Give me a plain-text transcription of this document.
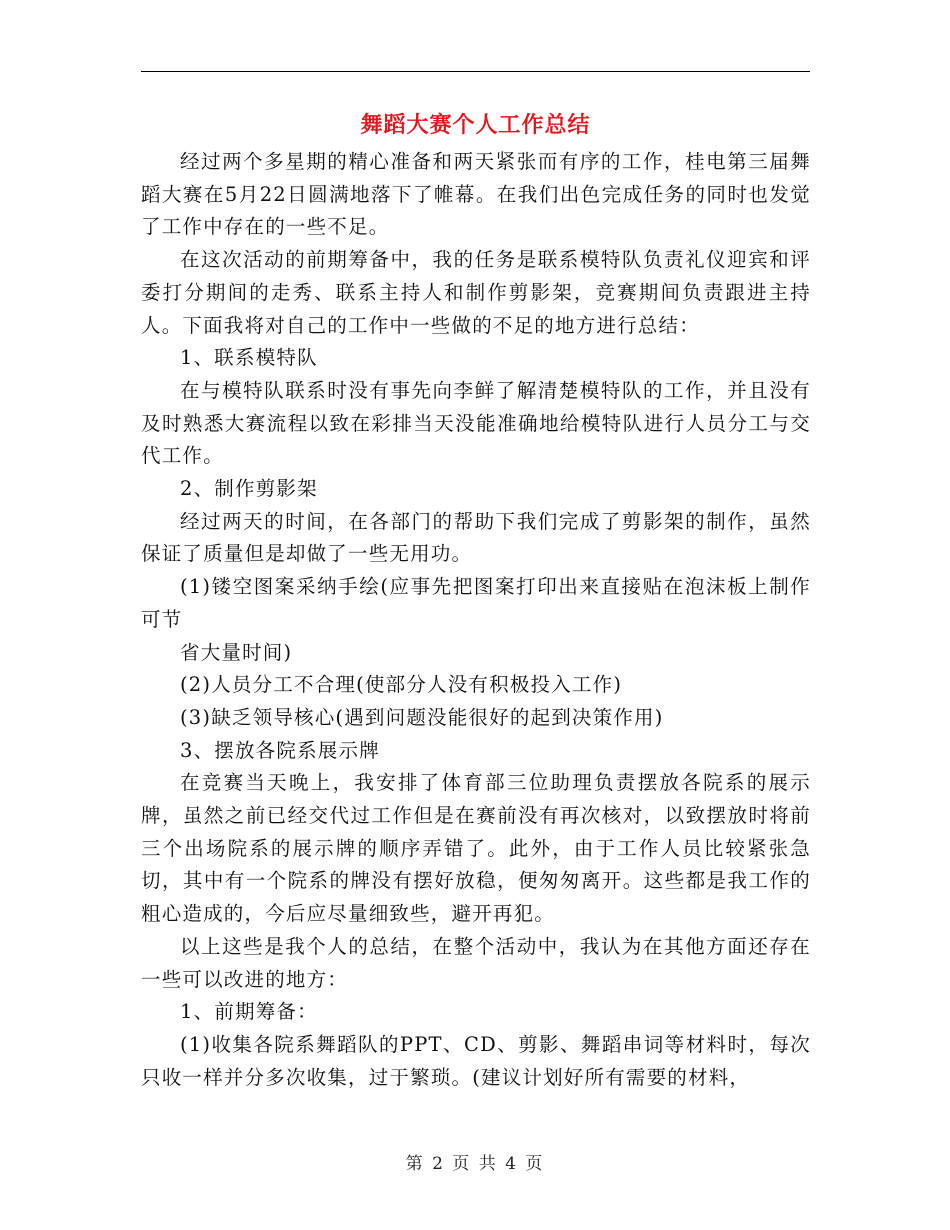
舞蹈大赛个人工作总结

经过两个多星期的精心准备和两天紧张而有序的工作，桂电第三届舞蹈大赛在5月22日圆满地落下了帷幕。在我们出色完成任务的同时也发觉了工作中存在的一些不足。

在这次活动的前期筹备中，我的任务是联系模特队负责礼仪迎宾和评委打分期间的走秀、联系主持人和制作剪影架，竞赛期间负责跟进主持人。下面我将对自己的工作中一些做的不足的地方进行总结：

1、联系模特队

在与模特队联系时没有事先向李鲜了解清楚模特队的工作，并且没有及时熟悉大赛流程以致在彩排当天没能准确地给模特队进行人员分工与交代工作。

2、制作剪影架

经过两天的时间，在各部门的帮助下我们完成了剪影架的制作，虽然保证了质量但是却做了一些无用功。

(1)镂空图案采纳手绘(应事先把图案打印出来直接贴在泡沫板上制作可节

省大量时间)

(2)人员分工不合理(使部分人没有积极投入工作)

(3)缺乏领导核心(遇到问题没能很好的起到决策作用)

3、摆放各院系展示牌

在竞赛当天晚上，我安排了体育部三位助理负责摆放各院系的展示牌，虽然之前已经交代过工作但是在赛前没有再次核对，以致摆放时将前三个出场院系的展示牌的顺序弄错了。此外，由于工作人员比较紧张急切，其中有一个院系的牌没有摆好放稳，便匆匆离开。这些都是我工作的粗心造成的，今后应尽量细致些，避开再犯。

以上这些是我个人的总结，在整个活动中，我认为在其他方面还存在一些可以改进的地方：

1、前期筹备：

(1)收集各院系舞蹈队的PPT、CD、剪影、舞蹈串词等材料时，每次只收一样并分多次收集，过于繁琐。(建议计划好所有需要的材料，

第 2 页 共 4 页
